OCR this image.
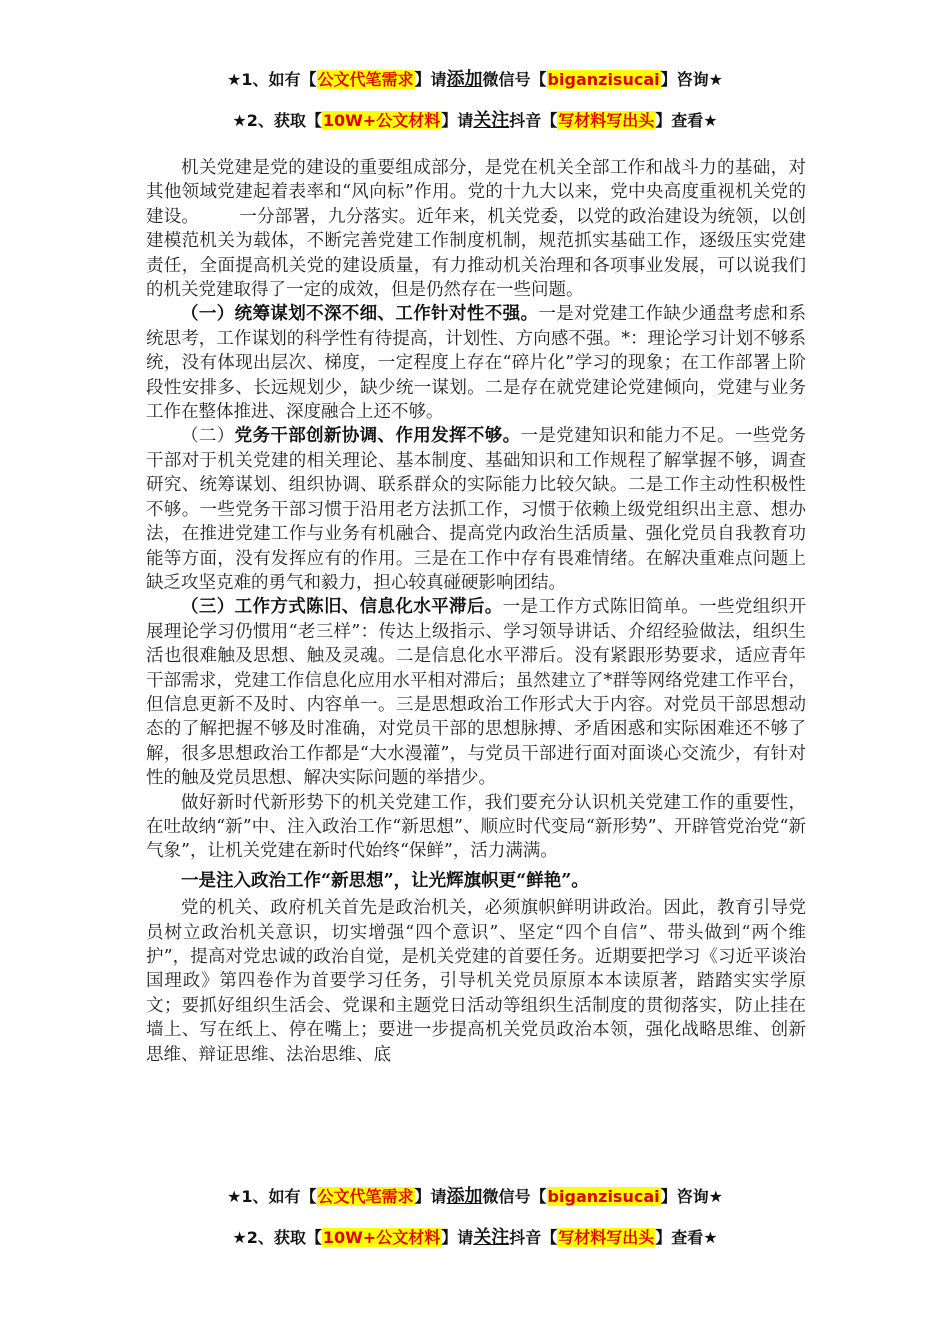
★1、如有【公文代笔需求】请添加微信号【biganzisucai】咨询★
★2、获取【10W+公文材料】请关注抖音【写材料写出头】查看★

机关党建是党的建设的重要组成部分，是党在机关全部工作和战斗力的基础，对其他领域党建起着表率和“风向标”作用。党的十九大以来，党中央高度重视机关党的建设。 一分部署，九分落实。近年来，机关党委，以党的政治建设为统领，以创建模范机关为载体，不断完善党建工作制度机制，规范抓实基础工作，逐级压实党建责任，全面提高机关党的建设质量，有力推动机关治理和各项事业发展，可以说我们的机关党建取得了一定的成效，但是仍然存在一些问题。

（一）统筹谋划不深不细、工作针对性不强。一是对党建工作缺少通盘考虑和系统思考，工作谋划的科学性有待提高，计划性、方向感不强。*：理论学习计划不够系统，没有体现出层次、梯度，一定程度上存在“碎片化”学习的现象；在工作部署上阶段性安排多、长远规划少，缺少统一谋划。二是存在就党建论党建倾向，党建与业务工作在整体推进、深度融合上还不够。

（二）党务干部创新协调、作用发挥不够。一是党建知识和能力不足。一些党务干部对于机关党建的相关理论、基本制度、基础知识和工作规程了解掌握不够，调查研究、统筹谋划、组织协调、联系群众的实际能力比较欠缺。二是工作主动性积极性不够。一些党务干部习惯于沿用老方法抓工作，习惯于依赖上级党组织出主意、想办法，在推进党建工作与业务有机融合、提高党内政治生活质量、强化党员自我教育功能等方面，没有发挥应有的作用。三是在工作中存有畏难情绪。在解决重难点问题上缺乏攻坚克难的勇气和毅力，担心较真碰硬影响团结。

（三）工作方式陈旧、信息化水平滞后。一是工作方式陈旧简单。一些党组织开展理论学习仍惯用“老三样”：传达上级指示、学习领导讲话、介绍经验做法，组织生活也很难触及思想、触及灵魂。二是信息化水平滞后。没有紧跟形势要求，适应青年干部需求，党建工作信息化应用水平相对滞后；虽然建立了*群等网络党建工作平台，但信息更新不及时、内容单一。三是思想政治工作形式大于内容。对党员干部思想动态的了解把握不够及时准确，对党员干部的思想脉搏、矛盾困惑和实际困难还不够了解，很多思想政治工作都是“大水漫灌”，与党员干部进行面对面谈心交流少，有针对性的触及党员思想、解决实际问题的举措少。

做好新时代新形势下的机关党建工作，我们要充分认识机关党建工作的重要性，在吐故纳“新”中、注入政治工作“新思想”、顺应时代变局“新形势”、开辟管党治党“新气象”，让机关党建在新时代始终“保鲜”，活力满满。

一是注入政治工作“新思想”，让光辉旗帜更“鲜艳”。

党的机关、政府机关首先是政治机关，必须旗帜鲜明讲政治。因此，教育引导党员树立政治机关意识，切实增强“四个意识”、坚定“四个自信”、带头做到“两个维护”，提高对党忠诚的政治自觉，是机关党建的首要任务。近期要把学习《习近平谈治国理政》第四卷作为首要学习任务，引导机关党员原原本本读原著，踏踏实实学原文；要抓好组织生活会、党课和主题党日活动等组织生活制度的贯彻落实，防止挂在墙上、写在纸上、停在嘴上；要进一步提高机关党员政治本领，强化战略思维、创新思维、辩证思维、法治思维、底

★1、如有【公文代笔需求】请添加微信号【biganzisucai】咨询★
★2、获取【10W+公文材料】请关注抖音【写材料写出头】查看★
